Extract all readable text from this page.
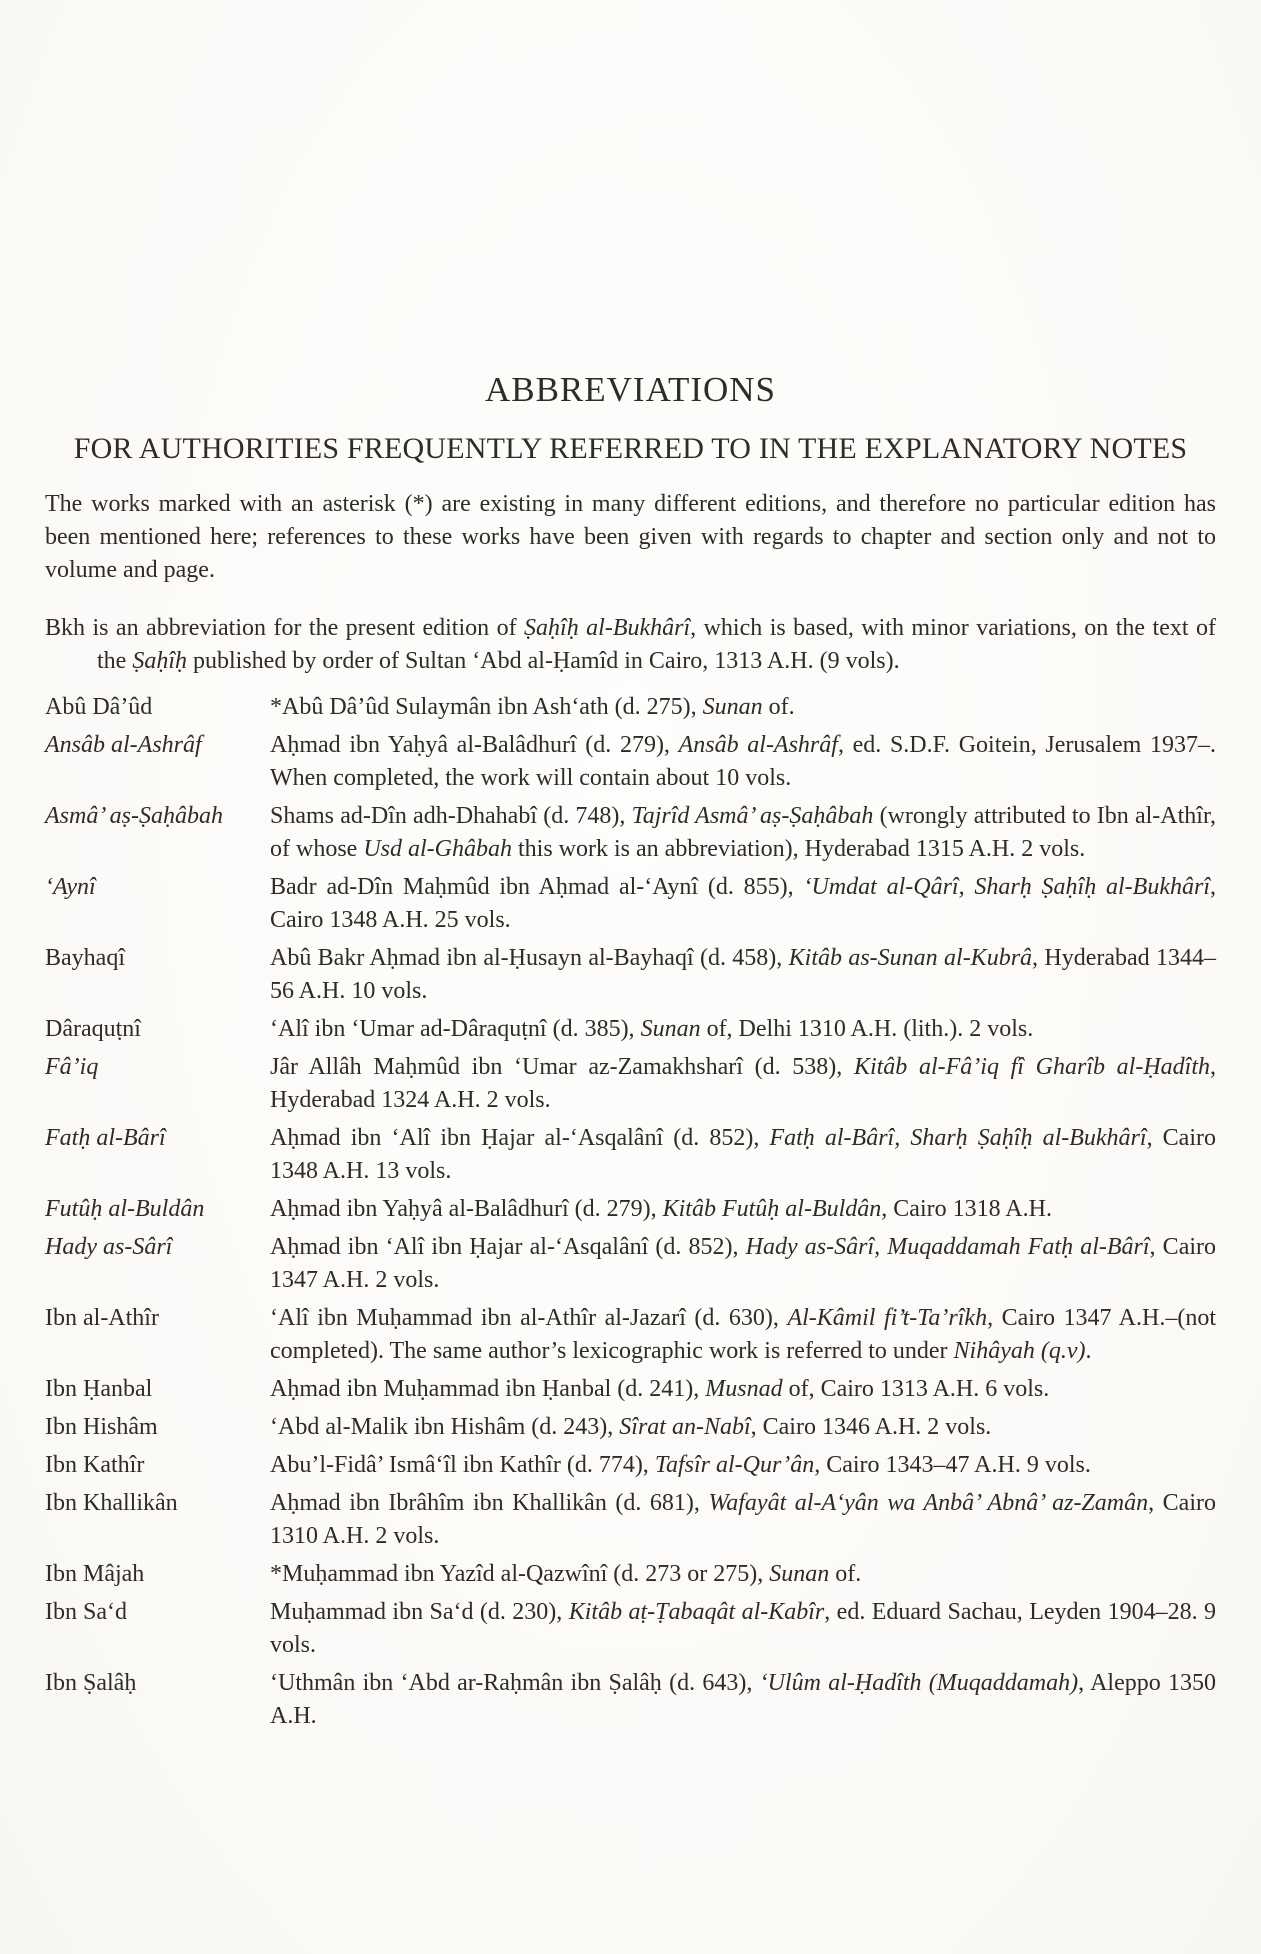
ABBREVIATIONS
FOR AUTHORITIES FREQUENTLY REFERRED TO IN THE EXPLANATORY NOTES

The works marked with an asterisk (*) are existing in many different editions, and therefore no particular edition has been mentioned here; references to these works have been given with regards to chapter and section only and not to volume and page.

Bkh is an abbreviation for the present edition of Ṣaḥîḥ al-Bukhârî, which is based, with minor variations, on the text of the Ṣaḥîḥ published by order of Sultan ‘Abd al-Ḥamîd in Cairo, 1313 A.H. (9 vols).

Abû Dâ’ûd	*Abû Dâ’ûd Sulaymân ibn Ash‘ath (d. 275), Sunan of.
Ansâb al-Ashrâf	Aḥmad ibn Yaḥyâ al-Balâdhurî (d. 279), Ansâb al-Ashrâf, ed. S.D.F. Goitein, Jerusalem 1937–. When completed, the work will contain about 10 vols.
Asmâ’ aṣ-Ṣaḥâbah	Shams ad-Dîn adh-Dhahabî (d. 748), Tajrîd Asmâ’ aṣ-Ṣaḥâbah (wrongly attributed to Ibn al-Athîr, of whose Usd al-Ghâbah this work is an abbreviation), Hyderabad 1315 A.H. 2 vols.
‘Aynî	Badr ad-Dîn Maḥmûd ibn Aḥmad al-‘Aynî (d. 855), ‘Umdat al-Qârî, Sharḥ Ṣaḥîḥ al-Bukhârî, Cairo 1348 A.H. 25 vols.
Bayhaqî	Abû Bakr Aḥmad ibn al-Ḥusayn al-Bayhaqî (d. 458), Kitâb as-Sunan al-Kubrâ, Hyderabad 1344–56 A.H. 10 vols.
Dâraquṭnî	‘Alî ibn ‘Umar ad-Dâraquṭnî (d. 385), Sunan of, Delhi 1310 A.H. (lith.). 2 vols.
Fâ’iq	Jâr Allâh Maḥmûd ibn ‘Umar az-Zamakhsharî (d. 538), Kitâb al-Fâ’iq fî Gharîb al-Ḥadîth, Hyderabad 1324 A.H. 2 vols.
Fatḥ al-Bârî	Aḥmad ibn ‘Alî ibn Ḥajar al-‘Asqalânî (d. 852), Fatḥ al-Bârî, Sharḥ Ṣaḥîḥ al-Bukhârî, Cairo 1348 A.H. 13 vols.
Futûḥ al-Buldân	Aḥmad ibn Yaḥyâ al-Balâdhurî (d. 279), Kitâb Futûḥ al-Buldân, Cairo 1318 A.H.
Hady as-Sârî	Aḥmad ibn ‘Alî ibn Ḥajar al-‘Asqalânî (d. 852), Hady as-Sârî, Muqaddamah Fatḥ al-Bârî, Cairo 1347 A.H. 2 vols.
Ibn al-Athîr	‘Alî ibn Muḥammad ibn al-Athîr al-Jazarî (d. 630), Al-Kâmil fi’t-Ta’rîkh, Cairo 1347 A.H.–(not completed). The same author’s lexicographic work is referred to under Nihâyah (q.v).
Ibn Ḥanbal	Aḥmad ibn Muḥammad ibn Ḥanbal (d. 241), Musnad of, Cairo 1313 A.H. 6 vols.
Ibn Hishâm	‘Abd al-Malik ibn Hishâm (d. 243), Sîrat an-Nabî, Cairo 1346 A.H. 2 vols.
Ibn Kathîr	Abu’l-Fidâ’ Ismâ‘îl ibn Kathîr (d. 774), Tafsîr al-Qur’ân, Cairo 1343–47 A.H. 9 vols.
Ibn Khallikân	Aḥmad ibn Ibrâhîm ibn Khallikân (d. 681), Wafayât al-A‘yân wa Anbâ’ Abnâ’ az-Zamân, Cairo 1310 A.H. 2 vols.
Ibn Mâjah	*Muḥammad ibn Yazîd al-Qazwînî (d. 273 or 275), Sunan of.
Ibn Sa‘d	Muḥammad ibn Sa‘d (d. 230), Kitâb aṭ-Ṭabaqât al-Kabîr, ed. Eduard Sachau, Leyden 1904–28. 9 vols.
Ibn Ṣalâḥ	‘Uthmân ibn ‘Abd ar-Raḥmân ibn Ṣalâḥ (d. 643), ‘Ulûm al-Ḥadîth (Muqaddamah), Aleppo 1350 A.H.
